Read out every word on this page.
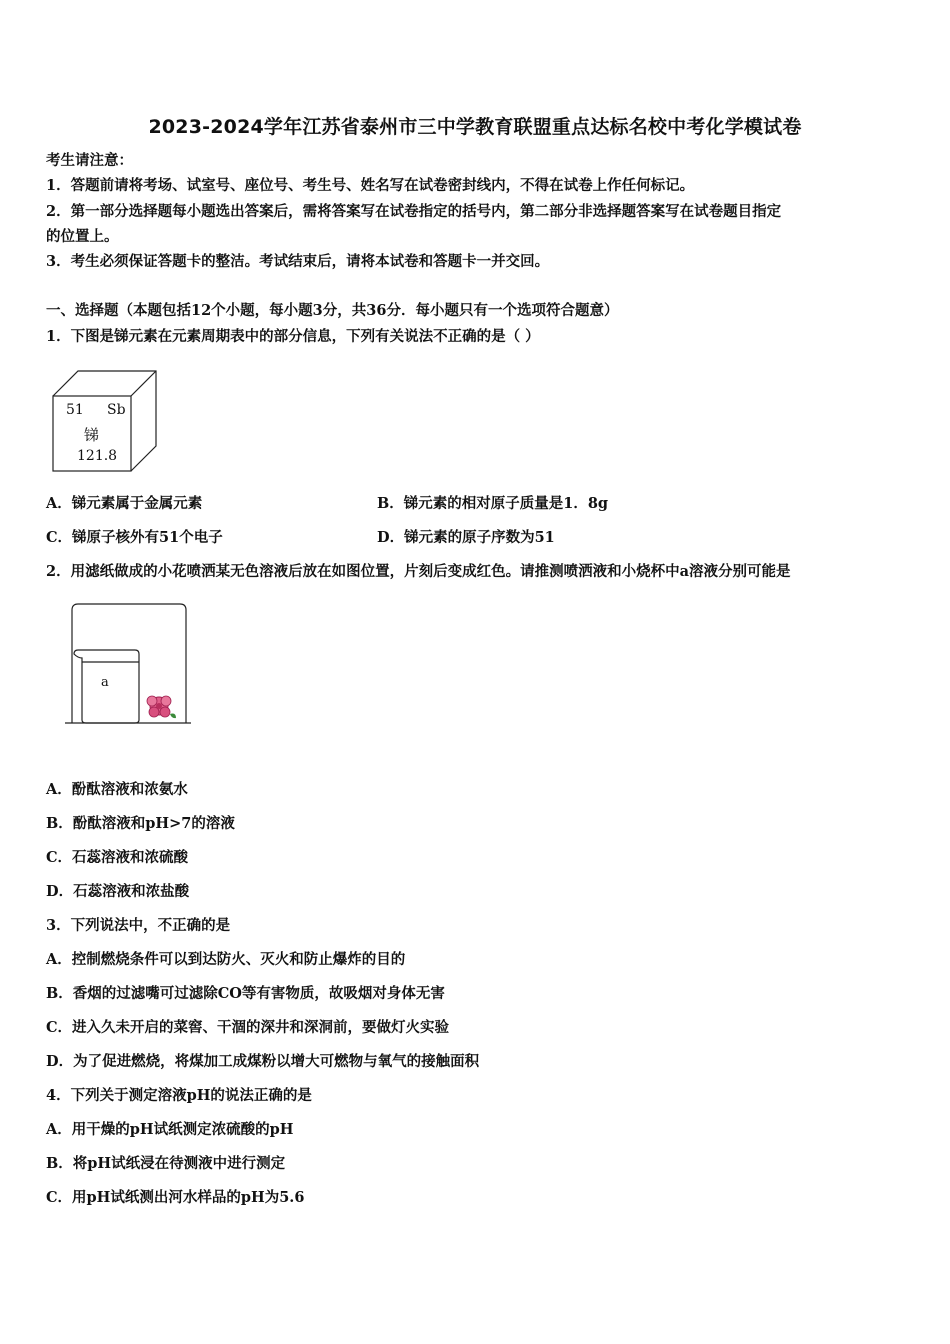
2023-2024学年江苏省泰州市三中学教育联盟重点达标名校中考化学模试卷
考生请注意：
1．答题前请将考场、试室号、座位号、考生号、姓名写在试卷密封线内，不得在试卷上作任何标记。
2．第一部分选择题每小题选出答案后，需将答案写在试卷指定的括号内，第二部分非选择题答案写在试卷题目指定
的位置上。
3．考生必须保证答题卡的整洁。考试结束后，请将本试卷和答题卡一并交回。
一、选择题（本题包括12个小题，每小题3分，共36分．每小题只有一个选项符合题意）
1．下图是锑元素在元素周期表中的部分信息，下列有关说法不正确的是（ ）
51 Sb
锑
121.8
A．锑元素属于金属元素	B．锑元素的相对原子质量是1．8g
C．锑原子核外有51个电子	D．锑元素的原子序数为51
2．用滤纸做成的小花喷洒某无色溶液后放在如图位置，片刻后变成红色。请推测喷洒液和小烧杯中a溶液分别可能是
a
A．酚酞溶液和浓氨水
B．酚酞溶液和pH>7的溶液
C．石蕊溶液和浓硫酸
D．石蕊溶液和浓盐酸
3．下列说法中，不正确的是
A．控制燃烧条件可以到达防火、灭火和防止爆炸的目的
B．香烟的过滤嘴可过滤除CO等有害物质，故吸烟对身体无害
C．进入久未开启的菜窖、干涸的深井和深洞前，要做灯火实验
D．为了促进燃烧，将煤加工成煤粉以增大可燃物与氧气的接触面积
4．下列关于测定溶液pH的说法正确的是
A．用干燥的pH试纸测定浓硫酸的pH
B．将pH试纸浸在待测液中进行测定
C．用pH试纸测出河水样品的pH为5.6
